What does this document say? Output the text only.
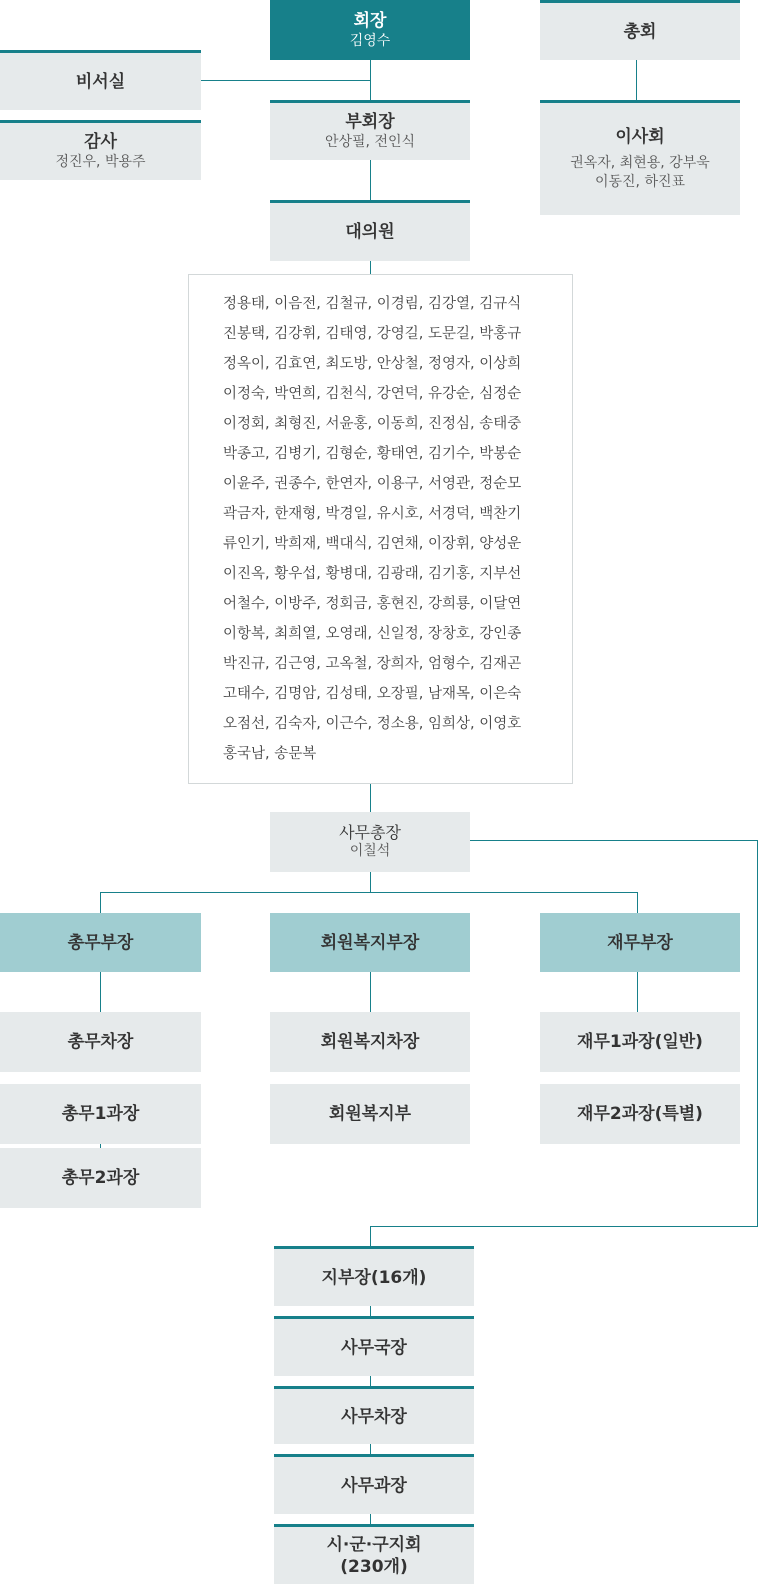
회장
김영수	총회
비서실
감사
정진우, 박용주
부회장
안상필, 전인식	이사회
권옥자, 최현용, 강부욱
이동진, 하진표
대의원
정용태, 이음전, 김철규, 이경림, 김강열, 김규식
진봉택, 김강휘, 김태영, 강영길, 도문길, 박홍규
정옥이, 김효연, 최도방, 안상철, 정영자, 이상희
이정숙, 박연희, 김천식, 강연덕, 유강순, 심정순
이정회, 최형진, 서윤홍, 이동희, 진정심, 송태중
박종고, 김병기, 김형순, 황태연, 김기수, 박봉순
이윤주, 권종수, 한연자, 이용구, 서영관, 정순모
곽금자, 한재형, 박경일, 유시호, 서경덕, 백찬기
류인기, 박희재, 백대식, 김연채, 이장휘, 양성운
이진옥, 황우섭, 황병대, 김광래, 김기홍, 지부선
어철수, 이방주, 정회금, 홍현진, 강희룡, 이달연
이항복, 최희열, 오영래, 신일정, 장창호, 강인종
박진규, 김근영, 고옥철, 장희자, 엄형수, 김재곤
고태수, 김명암, 김성태, 오장필, 남재목, 이은숙
오점선, 김숙자, 이근수, 정소용, 임희상, 이영호
홍국남, 송문복
사무총장
이칠석
총무부장	회원복지부장	재무부장
총무차장
총무1과장
총무2과장
회원복지차장
회원복지부
재무1과장(일반)
재무2과장(특별)
지부장(16개)
사무국장
사무차장
사무과장
시·군·구지회
(230개)
